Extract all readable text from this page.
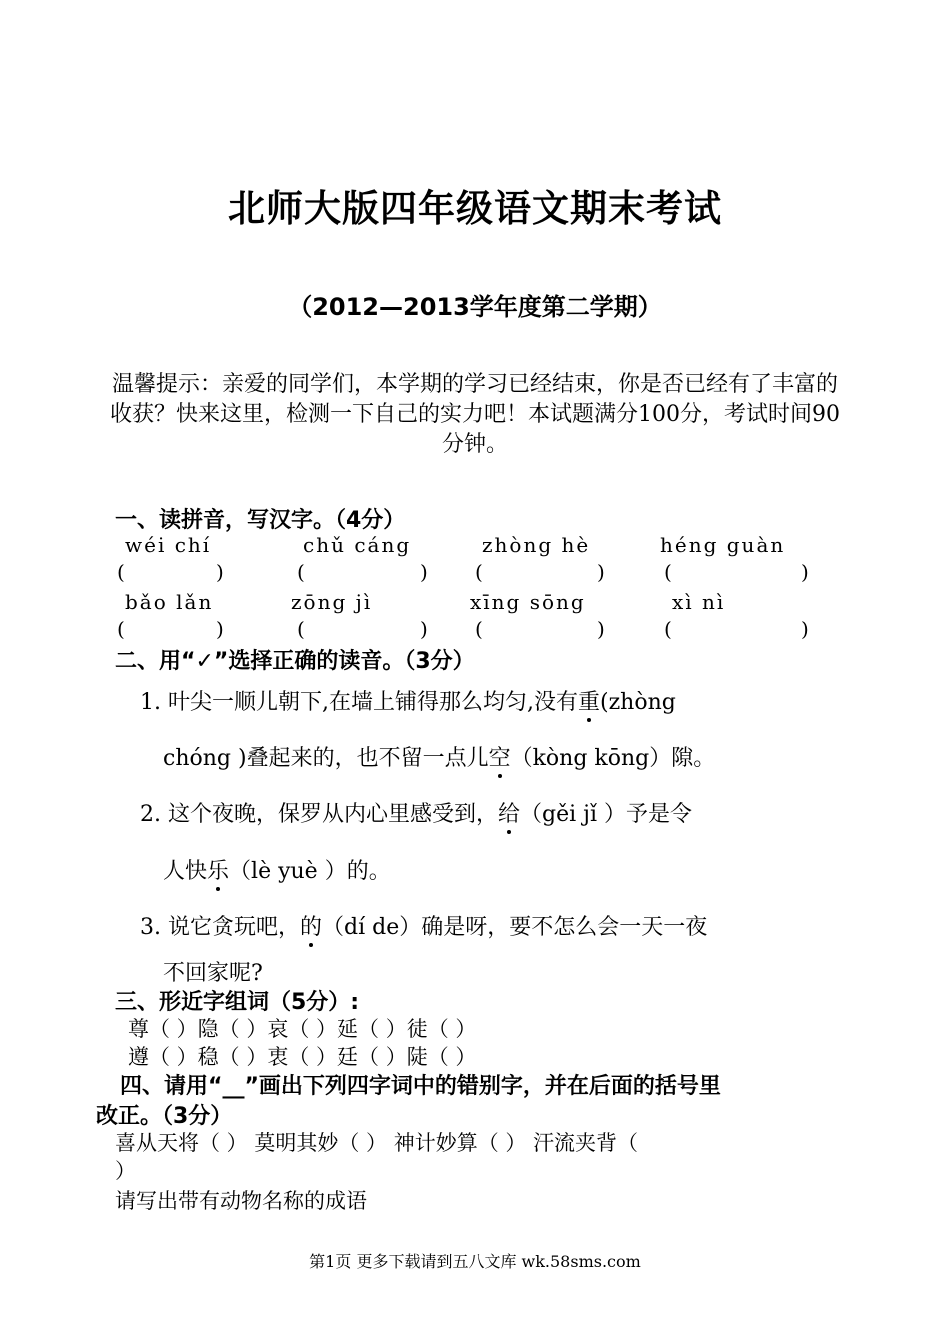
北师大版四年级语文期末考试
（2012—2013学年度第二学期）
温馨提示：亲爱的同学们，本学期的学习已经结束，你是否已经有了丰富的收获？快来这里，检测一下自己的实力吧！本试题满分100分，考试时间90分钟。
一、读拼音，写汉字。（4分）
wéi chí	chǔ cáng	zhòng hè	héng guàn
(	)	(	) (	)	(	)
bǎo lǎn	zōng jì	xīng sōng	xì nì
(	)	(	) (	)	(	)
二、用“✓”选择正确的读音。（3分）
1. 叶尖一顺儿朝下,在墙上铺得那么均匀,没有重(zhòng
chóng )叠起来的，也不留一点儿空（kòng kōng）隙。
2. 这个夜晚，保罗从内心里感受到，给（gěi jǐ ）予是令
人快乐（lè yuè ）的。
3. 说它贪玩吧，的（dí de）确是呀，要不怎么会一天一夜
不回家呢?
三、形近字组词（5分）:
尊（ ）隐（ ）哀（ ）延（ ）徒（ ）
遵（ ）稳（ ）衷（ ）廷（ ）陡（ ）
四、请用“__”画出下列四字词中的错别字，并在后面的括号里
改正。（3分）
喜从天将（ ） 莫明其妙（ ） 神计妙算（ ） 汗流夹背（
）
请写出带有动物名称的成语
第1页 更多下载请到五八文库 wk.58sms.com
